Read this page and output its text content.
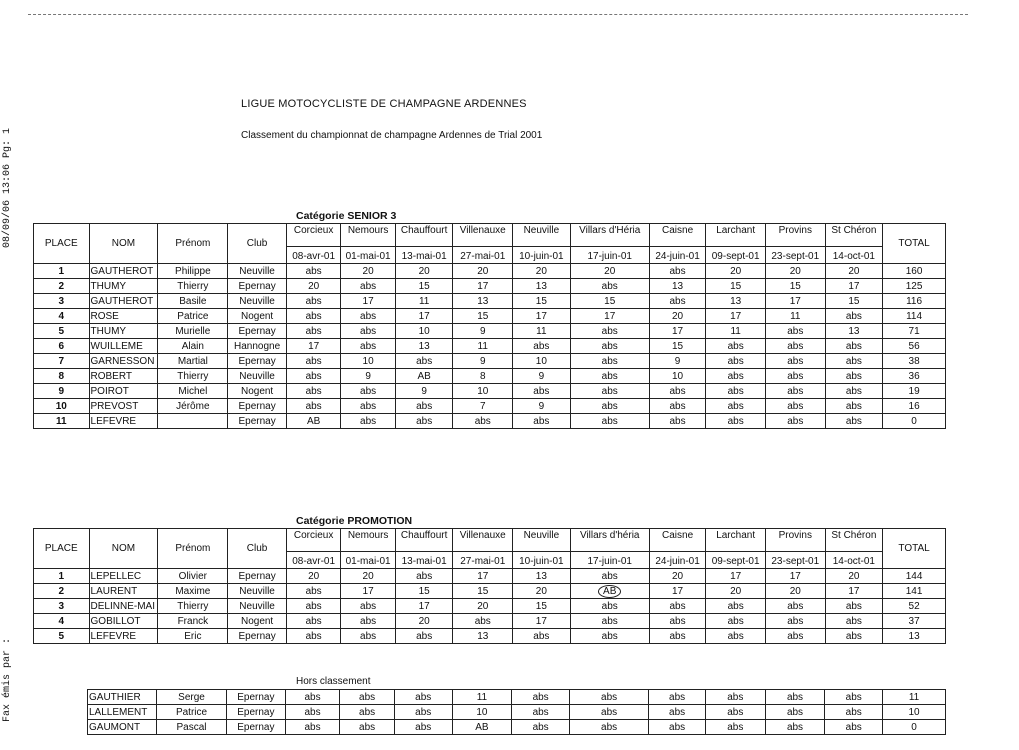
08/09/06 13:06 Pg: 1
Fax émis par :
LIGUE MOTOCYCLISTE DE CHAMPAGNE ARDENNES
Classement du championnat de champagne Ardennes de Trial 2001
Catégorie SENIOR 3
PLACE	NOM	Prénom	Club	Corcieux	Nemours	Chauffourt	Villenauxe	Neuville	Villars d'Héria	Caisne	Larchant	Provins	St Chéron	TOTAL
				08-avr-01	01-mai-01	13-mai-01	27-mai-01	10-juin-01	17-juin-01	24-juin-01	09-sept-01	23-sept-01	14-oct-01	
1	GAUTHEROT	Philippe	Neuville	abs	20	20	20	20	20	abs	20	20	20	160
2	THUMY	Thierry	Epernay	20	abs	15	17	13	abs	13	15	15	17	125
3	GAUTHEROT	Basile	Neuville	abs	17	11	13	15	15	abs	13	17	15	116
4	ROSE	Patrice	Nogent	abs	abs	17	15	17	17	20	17	11	abs	114
5	THUMY	Murielle	Epernay	abs	abs	10	9	11	abs	17	11	abs	13	71
6	WUILLEME	Alain	Hannogne	17	abs	13	11	abs	abs	15	abs	abs	abs	56
7	GARNESSON	Martial	Epernay	abs	10	abs	9	10	abs	9	abs	abs	abs	38
8	ROBERT	Thierry	Neuville	abs	9	AB	8	9	abs	10	abs	abs	abs	36
9	POIROT	Michel	Nogent	abs	abs	9	10	abs	abs	abs	abs	abs	abs	19
10	PREVOST	Jérôme	Epernay	abs	abs	abs	7	9	abs	abs	abs	abs	abs	16
11	LEFEVRE		Epernay	AB	abs	abs	abs	abs	abs	abs	abs	abs	abs	0
Catégorie PROMOTION
PLACE	NOM	Prénom	Club	Corcieux	Nemours	Chauffourt	Villenauxe	Neuville	Villars d'héria	Caisne	Larchant	Provins	St Chéron	TOTAL
				08-avr-01	01-mai-01	13-mai-01	27-mai-01	10-juin-01	17-juin-01	24-juin-01	09-sept-01	23-sept-01	14-oct-01	
1	LEPELLEC	Olivier	Epernay	20	20	abs	17	13	abs	20	17	17	20	144
2	LAURENT	Maxime	Neuville	abs	17	15	15	20	AB	17	20	20	17	141
3	DELINNE-MAI	Thierry	Neuville	abs	abs	17	20	15	abs	abs	abs	abs	abs	52
4	GOBILLOT	Franck	Nogent	abs	abs	20	abs	17	abs	abs	abs	abs	abs	37
5	LEFEVRE	Eric	Epernay	abs	abs	abs	13	abs	abs	abs	abs	abs	abs	13
Hors classement
GAUTHIER	Serge	Epernay	abs	abs	abs	11	abs	abs	abs	abs	abs	abs	11
LALLEMENT	Patrice	Epernay	abs	abs	abs	10	abs	abs	abs	abs	abs	abs	10
GAUMONT	Pascal	Epernay	abs	abs	abs	AB	abs	abs	abs	abs	abs	abs	0
